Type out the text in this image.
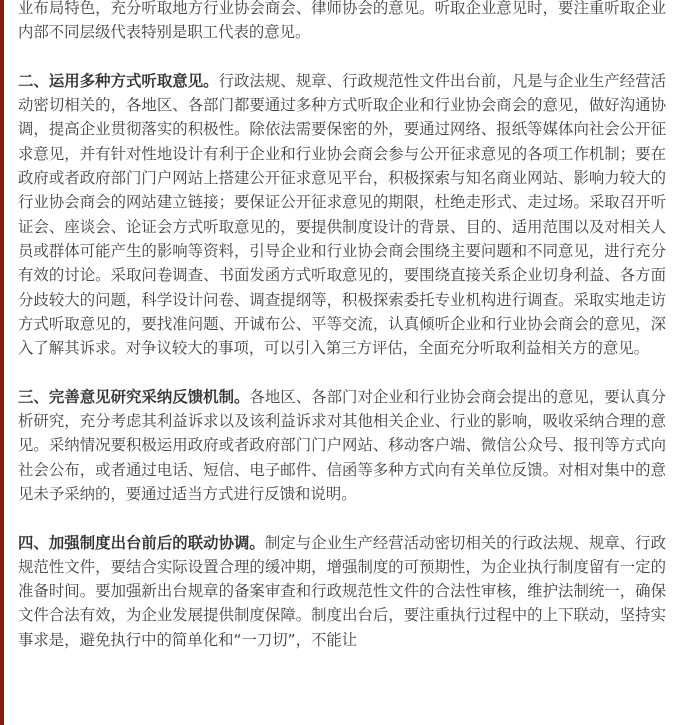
业布局特色，充分听取地方行业协会商会、律师协会的意见。听取企业意见时，要注重听取企业内部不同层级代表特别是职工代表的意见。

二、运用多种方式听取意见。行政法规、规章、行政规范性文件出台前，凡是与企业生产经营活动密切相关的，各地区、各部门都要通过多种方式听取企业和行业协会商会的意见，做好沟通协调，提高企业贯彻落实的积极性。除依法需要保密的外，要通过网络、报纸等媒体向社会公开征求意见，并有针对性地设计有利于企业和行业协会商会参与公开征求意见的各项工作机制；要在政府或者政府部门门户网站上搭建公开征求意见平台，积极探索与知名商业网站、影响力较大的行业协会商会的网站建立链接；要保证公开征求意见的期限，杜绝走形式、走过场。采取召开听证会、座谈会、论证会方式听取意见的，要提供制度设计的背景、目的、适用范围以及对相关人员或群体可能产生的影响等资料，引导企业和行业协会商会围绕主要问题和不同意见，进行充分有效的讨论。采取问卷调查、书面发函方式听取意见的，要围绕直接关系企业切身利益、各方面分歧较大的问题，科学设计问卷、调查提纲等，积极探索委托专业机构进行调查。采取实地走访方式听取意见的，要找准问题、开诚布公、平等交流，认真倾听企业和行业协会商会的意见，深入了解其诉求。对争议较大的事项，可以引入第三方评估，全面充分听取利益相关方的意见。

三、完善意见研究采纳反馈机制。各地区、各部门对企业和行业协会商会提出的意见，要认真分析研究，充分考虑其利益诉求以及该利益诉求对其他相关企业、行业的影响，吸收采纳合理的意见。采纳情况要积极运用政府或者政府部门门户网站、移动客户端、微信公众号、报刊等方式向社会公布，或者通过电话、短信、电子邮件、信函等多种方式向有关单位反馈。对相对集中的意见未予采纳的，要通过适当方式进行反馈和说明。

四、加强制度出台前后的联动协调。制定与企业生产经营活动密切相关的行政法规、规章、行政规范性文件，要结合实际设置合理的缓冲期，增强制度的可预期性，为企业执行制度留有一定的准备时间。要加强新出台规章的备案审查和行政规范性文件的合法性审核，维护法制统一，确保文件合法有效，为企业发展提供制度保障。制度出台后，要注重执行过程中的上下联动，坚持实事求是，避免执行中的简单化和“一刀切”，不能让
